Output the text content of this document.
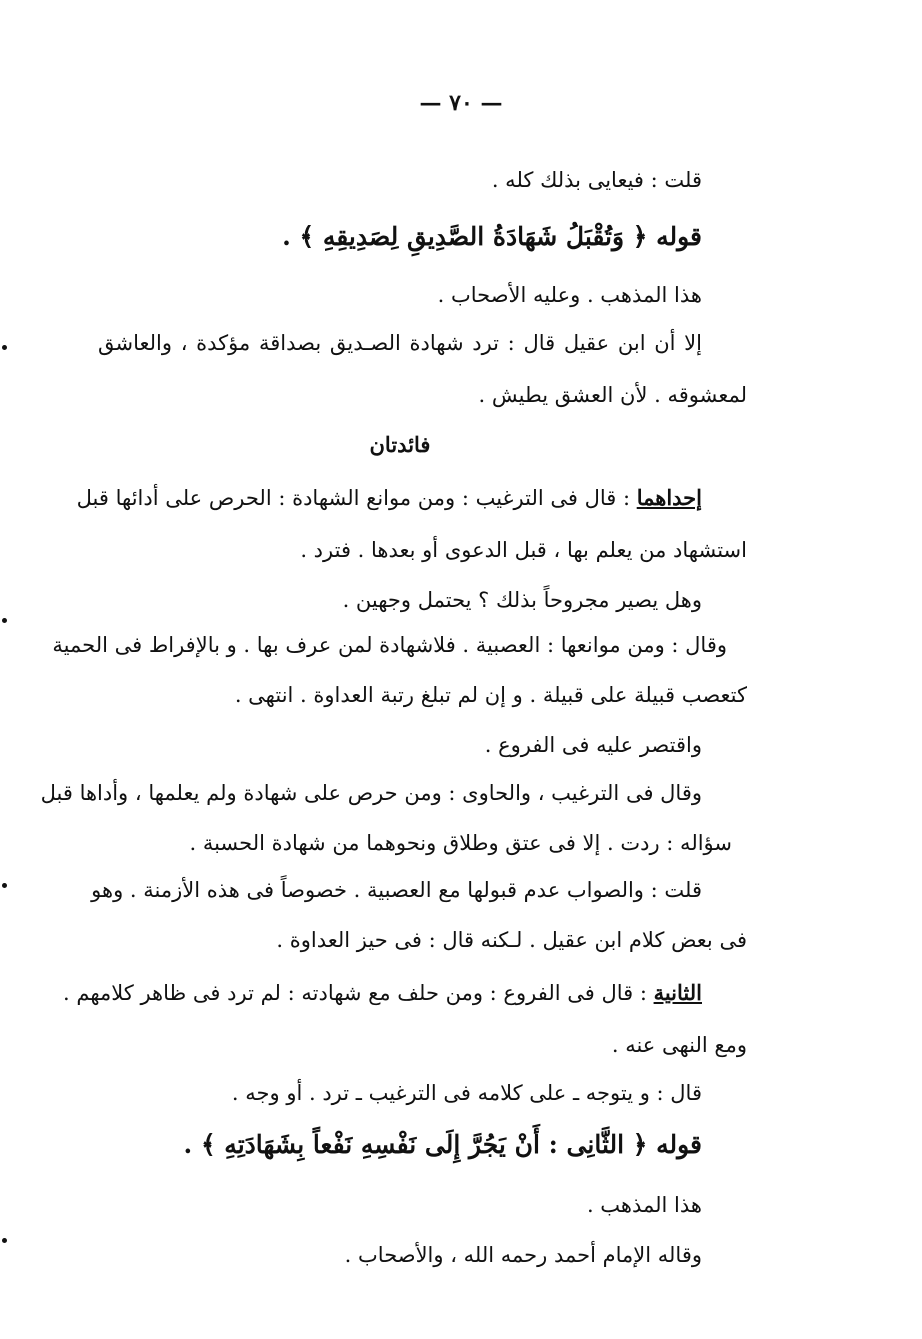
— ٧٠ —
قلت : فيعايى بذلك كله .
قوله ﴿ وَتُقْبَلُ شَهَادَةُ الصَّدِيقِ لِصَدِيقِهِ ﴾ .
هذا المذهب . وعليه الأصحاب .
إلا أن ابن عقيل قال : ترد شهادة الصـديق بصداقة مؤكدة ، والعاشق
لمعشوقه . لأن العشق يطيش .
فائدتان
إحداهما : قال فى الترغيب : ومن موانع الشهادة : الحرص على أدائها قبل
استشهاد من يعلم بها ، قبل الدعوى أو بعدها . فترد .
وهل يصير مجروحاً بذلك ؟ يحتمل وجهين .
وقال : ومن موانعها : العصبية . فلاشهادة لمن عرف بها . و بالإفراط فى الحمية
كتعصب قبيلة على قبيلة . و إن لم تبلغ رتبة العداوة . انتهى .
واقتصر عليه فى الفروع .
وقال فى الترغيب ، والحاوى : ومن حرص على شهادة ولم يعلمها ، وأداها قبل
سؤاله : ردت . إلا فى عتق وطلاق ونحوهما من شهادة الحسبة .
قلت : والصواب عدم قبولها مع العصبية . خصوصاً فى هذه الأزمنة . وهو
فى بعض كلام ابن عقيل . لـكنه قال : فى حيز العداوة .
الثانية : قال فى الفروع : ومن حلف مع شهادته : لم ترد فى ظاهر كلامهم .
ومع النهى عنه .
قال : و يتوجه ـ على كلامه فى الترغيب ـ ترد . أو وجه .
قوله ﴿ الثَّانِى : أَنْ يَجُرَّ إِلَى نَفْسِهِ نَفْعاً بِشَهَادَتِهِ ﴾ .
هذا المذهب .
وقاله الإمام أحمد رحمه الله ، والأصحاب .
